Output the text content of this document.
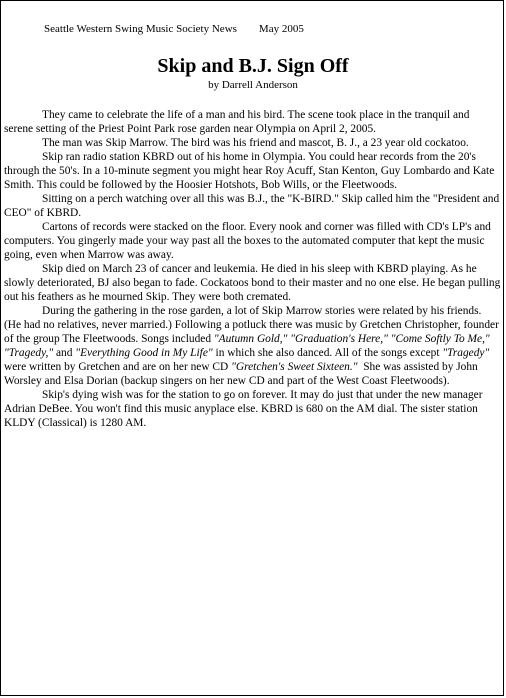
Seattle Western Swing Music Society News May 2005
Skip and B.J. Sign Off
by Darrell Anderson

They came to celebrate the life of a man and his bird. The scene took place in the tranquil and serene setting of the Priest Point Park rose garden near Olympia on April 2, 2005.

The man was Skip Marrow. The bird was his friend and mascot, B. J., a 23 year old cockatoo.

Skip ran radio station KBRD out of his home in Olympia. You could hear records from the 20's through the 50's. In a 10-minute segment you might hear Roy Acuff, Stan Kenton, Guy Lombardo and Kate Smith. This could be followed by the Hoosier Hotshots, Bob Wills, or the Fleetwoods.

Sitting on a perch watching over all this was B.J., the "K-BIRD." Skip called him the "President and CEO" of KBRD.

Cartons of records were stacked on the floor. Every nook and corner was filled with CD's LP's and computers. You gingerly made your way past all the boxes to the automated computer that kept the music going, even when Marrow was away.

Skip died on March 23 of cancer and leukemia. He died in his sleep with KBRD playing. As he slowly deteriorated, BJ also began to fade. Cockatoos bond to their master and no one else. He began pulling out his feathers as he mourned Skip. They were both cremated.

During the gathering in the rose garden, a lot of Skip Marrow stories were related by his friends. (He had no relatives, never married.) Following a potluck there was music by Gretchen Christopher, founder of the group The Fleetwoods. Songs included "Autumn Gold," "Graduation's Here," "Come Softly To Me," "Tragedy," and "Everything Good in My Life" in which she also danced. All of the songs except "Tragedy" were written by Gretchen and are on her new CD "Gretchen's Sweet Sixteen." She was assisted by John Worsley and Elsa Dorian (backup singers on her new CD and part of the West Coast Fleetwoods).

Skip's dying wish was for the station to go on forever. It may do just that under the new manager Adrian DeBee. You won't find this music anyplace else. KBRD is 680 on the AM dial. The sister station KLDY (Classical) is 1280 AM.
